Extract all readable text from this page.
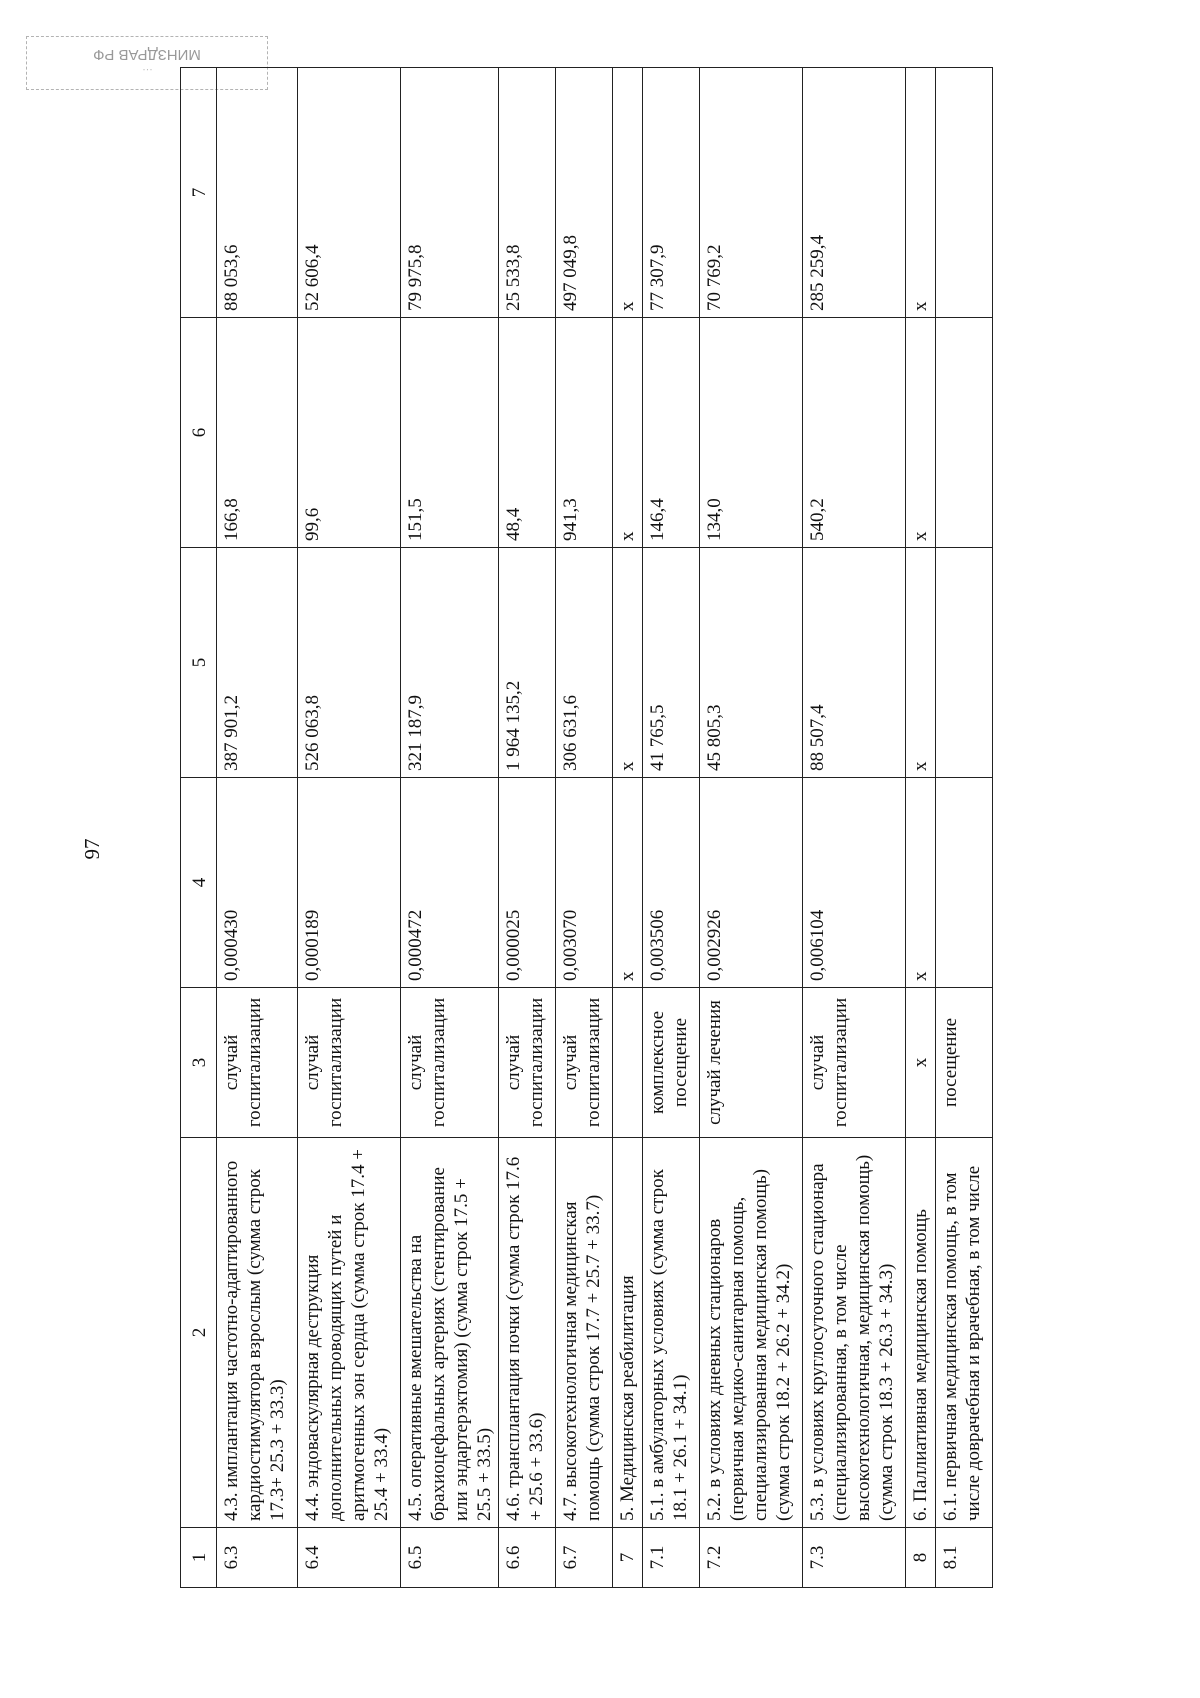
…
МИНЗДРАВ РФ
97
1	2	3	4	5	6	7
6.3	4.3. имплантация частотно-адаптированного кардиостимулятора взрослым (сумма строк 17.3+ 25.3 + 33.3)	случай госпитализации	0,000430	387 901,2	166,8	88 053,6
6.4	4.4. эндоваскулярная деструкция дополнительных проводящих путей и аритмогенных зон сердца (сумма строк 17.4 + 25.4 + 33.4)	случай госпитализации	0,000189	526 063,8	99,6	52 606,4
6.5	4.5. оперативные вмешательства на брахиоцефальных артериях (стентирование или эндартерэктомия) (сумма строк 17.5 + 25.5 + 33.5)	случай госпитализации	0,000472	321 187,9	151,5	79 975,8
6.6	4.6. трансплантация почки (сумма строк 17.6 + 25.6 + 33.6)	случай госпитализации	0,000025	1 964 135,2	48,4	25 533,8
6.7	4.7. высокотехнологичная медицинская помощь (сумма строк 17.7 + 25.7 + 33.7)	случай госпитализации	0,003070	306 631,6	941,3	497 049,8
7	5. Медицинская реабилитация		х	х	х	х
7.1	5.1. в амбулаторных условиях (сумма строк 18.1 + 26.1 + 34.1)	комплексное посещение	0,003506	41 765,5	146,4	77 307,9
7.2	5.2. в условиях дневных стационаров (первичная медико-санитарная помощь, специализированная медицинская помощь) (сумма строк 18.2 + 26.2 + 34.2)	случай лечения	0,002926	45 805,3	134,0	70 769,2
7.3	5.3. в условиях круглосуточного стационара (специализированная, в том числе высокотехнологичная, медицинская помощь) (сумма строк 18.3 + 26.3 + 34.3)	случай госпитализации	0,006104	88 507,4	540,2	285 259,4
8	6. Паллиативная медицинская помощь	х	х	х	х	х
8.1	6.1. первичная медицинская помощь, в том числе доврачебная и врачебная, в том числе	посещение				
